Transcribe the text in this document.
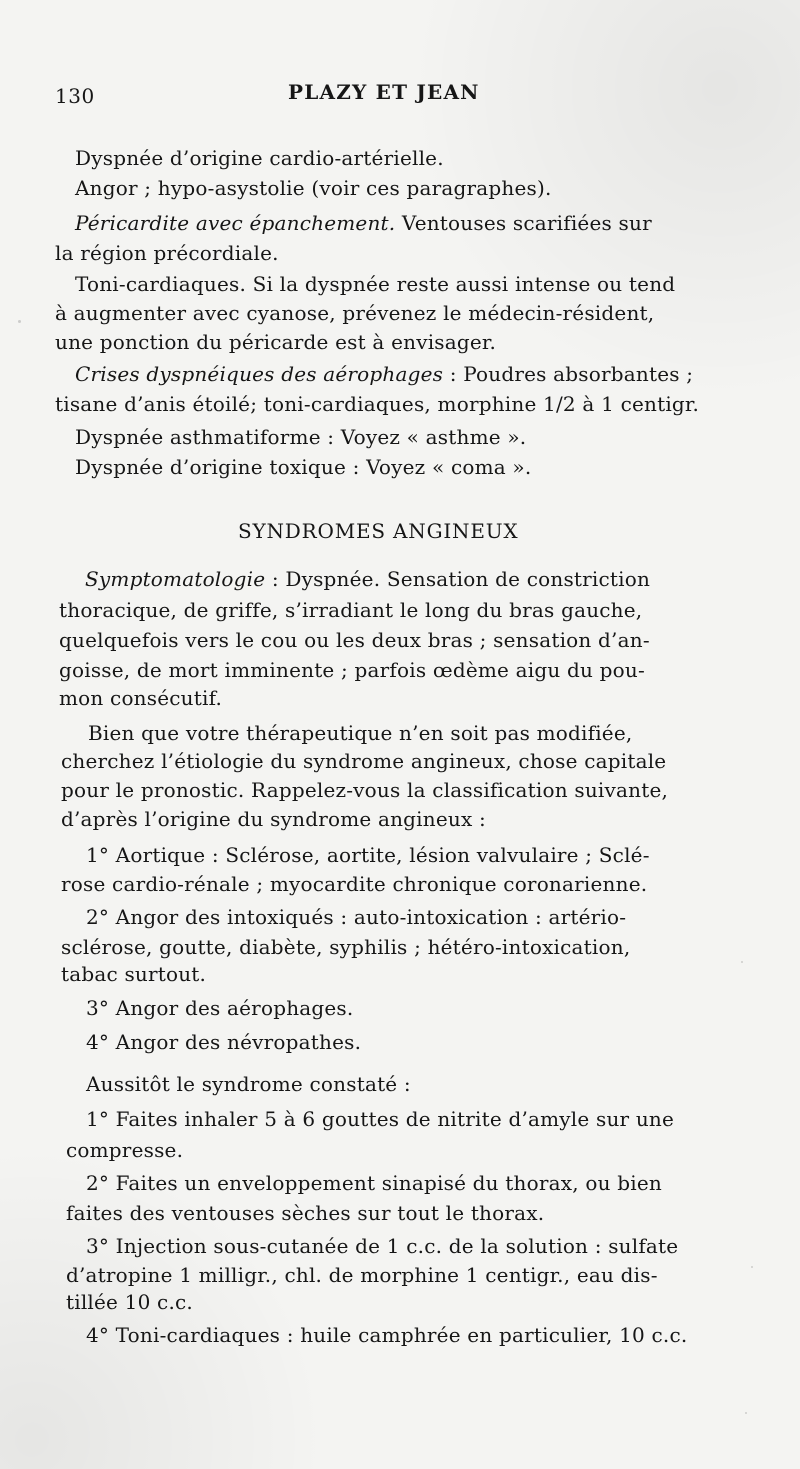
130	PLAZY ET JEAN
SYNDROMES ANGINEUX
Dyspnée d’origine cardio-artérielle.
Angor ; hypo-asystolie (voir ces paragraphes).
Péricardite avec épanchement. Ventouses scarifiées sur
la région précordiale.
Toni-cardiaques. Si la dyspnée reste aussi intense ou tend
à augmenter avec cyanose, prévenez le médecin-résident,
une ponction du péricarde est à envisager.
Crises dyspnéiques des aérophages : Poudres absorbantes ;
tisane d’anis étoilé; toni-cardiaques, morphine 1/2 à 1 centigr.
Dyspnée asthmatiforme : Voyez « asthme ».
Dyspnée d’origine toxique : Voyez « coma ».
Symptomatologie : Dyspnée. Sensation de constriction
thoracique, de griffe, s’irradiant le long du bras gauche,
quelquefois vers le cou ou les deux bras ; sensation d’an-
goisse, de mort imminente ; parfois œdème aigu du pou-
mon consécutif.
Bien que votre thérapeutique n’en soit pas modifiée,
cherchez l’étiologie du syndrome angineux, chose capitale
pour le pronostic. Rappelez-vous la classification suivante,
d’après l’origine du syndrome angineux :
1° Aortique : Sclérose, aortite, lésion valvulaire ; Sclé-
rose cardio-rénale ; myocardite chronique coronarienne.
2° Angor des intoxiqués : auto-intoxication : artério-
sclérose, goutte, diabète, syphilis ; hétéro-intoxication,
tabac surtout.
3° Angor des aérophages.
4° Angor des névropathes.
Aussitôt le syndrome constaté :
1° Faites inhaler 5 à 6 gouttes de nitrite d’amyle sur une
compresse.
2° Faites un enveloppement sinapisé du thorax, ou bien
faites des ventouses sèches sur tout le thorax.
3° Injection sous-cutanée de 1 c.c. de la solution : sulfate
d’atropine 1 milligr., chl. de morphine 1 centigr., eau dis-
tillée 10 c.c.
4° Toni-cardiaques : huile camphrée en particulier, 10 c.c.
